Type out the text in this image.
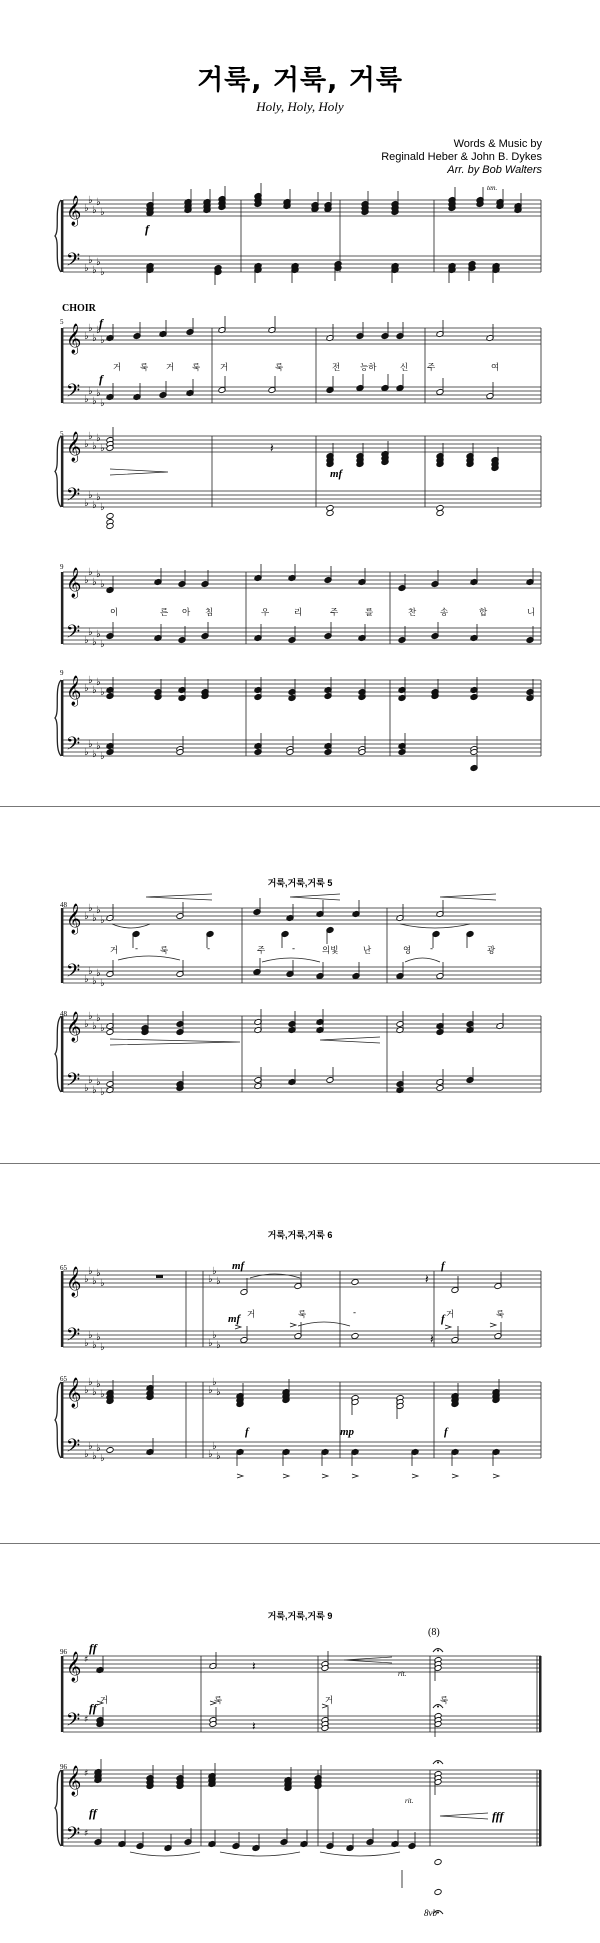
거룩, 거룩, 거룩
Holy, Holy, Holy
Words & Music by
Reginald Heber & John B. Dykes
Arr. by Bob Walters
𝄞
𝄢
♭
♭
♭
♭
♭
♭
♭
♭
♭
♭
𝄞
𝄢
𝄞
𝄢
♭
♭
♭
♭
♭
♭
♭
♭
♭
♭
♭
♭
♭
♭
♭
♭
♭
♭
♭
♭
𝄽
𝄞
𝄢
𝄞
𝄢
♭
♭
♭
♭
♭
♭
♭
♭
♭
♭
♭
♭
♭
♭
♭
♭
♭
♭
♭
♭
𝄞
𝄢
𝄞
𝄢
♭
♭
♭
♭
♭
♭
♭
♭
♭
♭
♭
♭
♭
♭
♭
♭
♭
♭
♭
♭
𝄞
𝄢
𝄞
𝄢
♭
♭
♭
♭
♭
♭
♭
♭
♭
♭
♭
♭
♭
♭
♭
♭
♭
♭
♭
♭
♭
♭
♭
♭
♭
♭
♭
♭
♭
♭
♭
♭
𝄽
𝄽
𝄞
𝄢
𝄞
𝄢
♯
♯
♯
♯
𝄽
𝄽
CHOIR
ten.
거룩,거룩,거룩 5
거룩,거룩,거룩 6
거룩,거룩,거룩 9
5
5
9
9
48
48
65
65
96
96
f
f
f
mf
mf	f
mf	f
f	mp	f
ff
ff
ff	fff
rit.
rit.
(8)
8vb
거 룩 거 룩 거	룩	전 능하	신 주	여
이	른 아 침	우	리	주	를	찬	송	합	니
거 -	룩	-	주	-	의빛	난	영 -	광
거	룩	-	거	룩
거	룩	거	룩
